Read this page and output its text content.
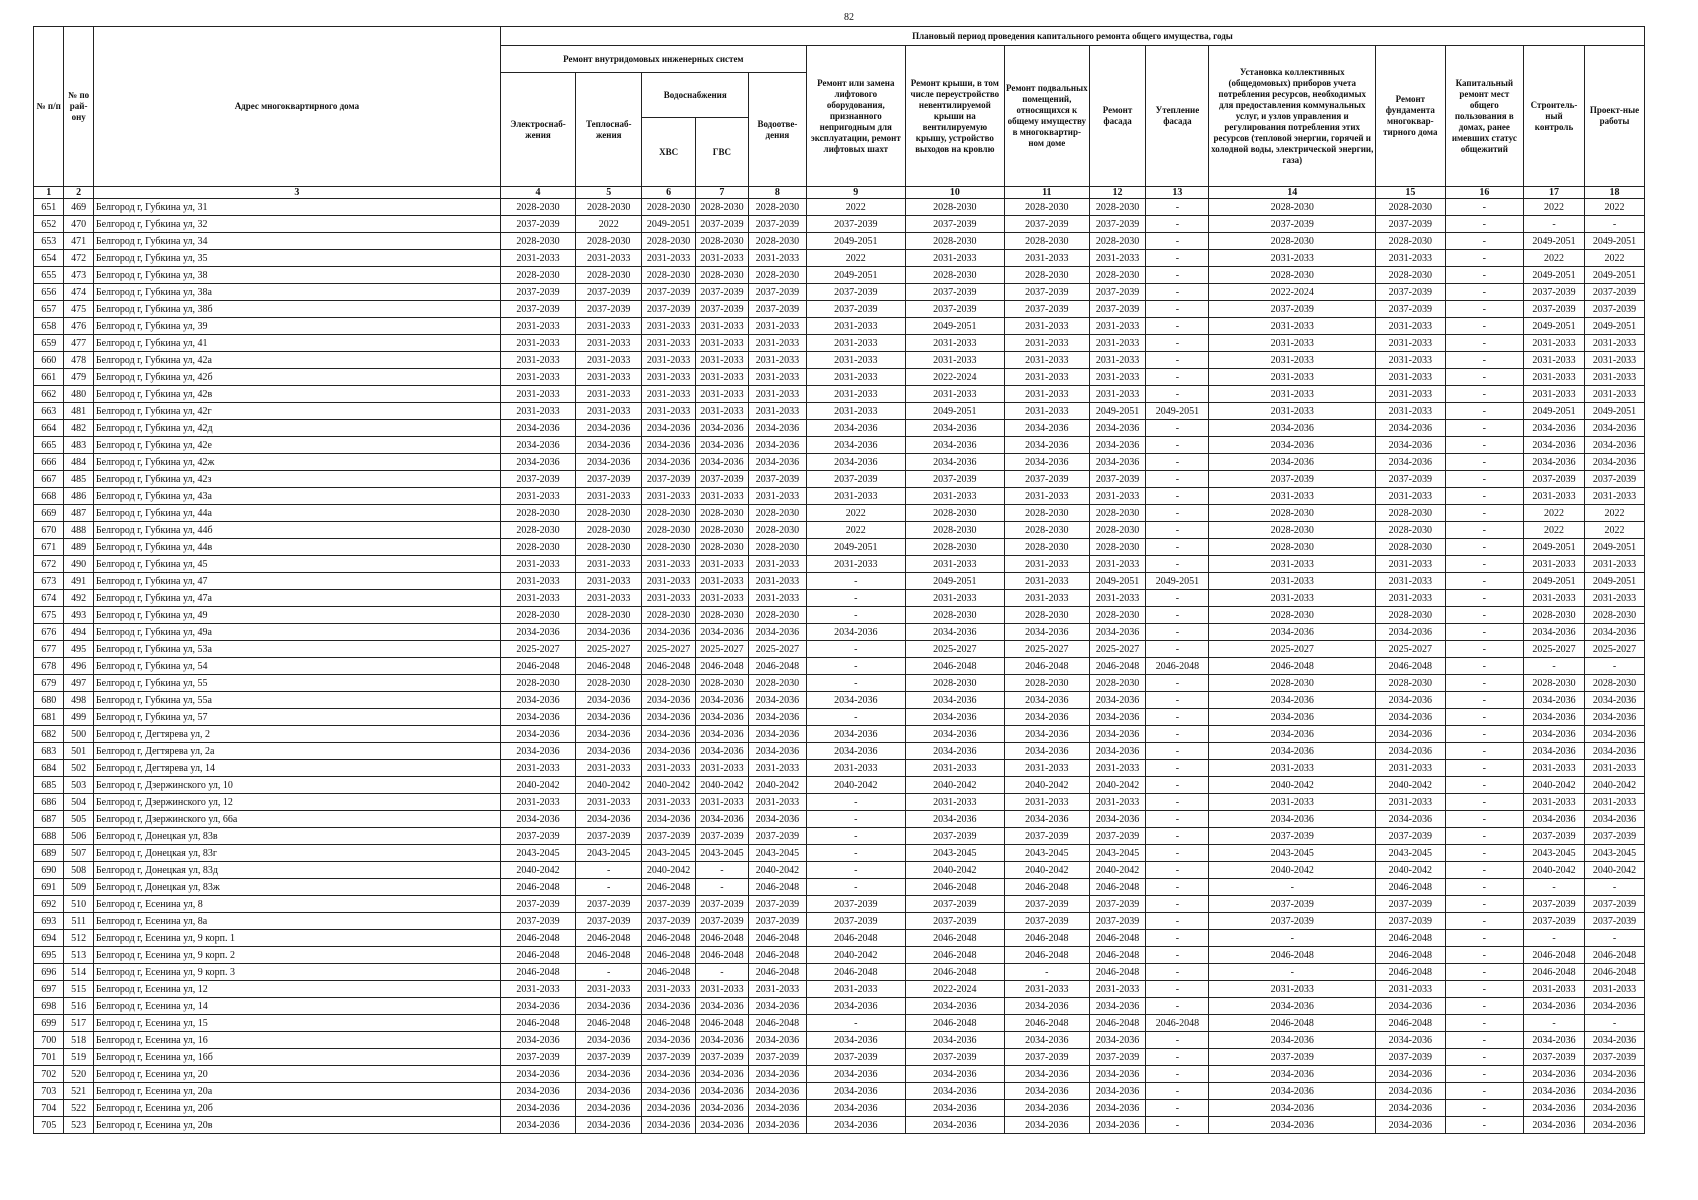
82
№ п/п	№ по рай-ону	Адрес многоквартирного дома	Плановый период проведения капитального ремонта общего имущества, годы														
			Ремонт внутридомовых инженерных систем					Ремонт или замена лифтового оборудования, признанного непригодным для эксплуатации, ремонт лифтовых шахт	Ремонт крыши, в том числе переустройство невентилируемой крыши на вентилируемую крышу, устройство выходов на кровлю	Ремонт подвальных помещений, относящихся к общему имуществу в многоквартир-ном доме	Ремонт фасада	Утепление фасада	Установка коллективных (общедомовых) приборов учета потребления ресурсов, необходимых для предоставления коммунальных услуг, и узлов управления и регулирования потребления этих ресурсов (тепловой энергии, горячей и холодной воды, электрической энергии, газа)	Ремонт фундамента многоквар-тирного дома	Капитальный ремонт мест общего пользования в домах, ранее имевших статус общежитий	Строитель-ный контроль	Проект-ные работы
			Электроснаб-жения	Теплоснаб-жения	Водоснабжения		Водоотве-дения										
					ХВС	ГВС											
1	2	3	4	5	6	7	8	9	10	11	12	13	14	15	16	17	18
651	469	Белгород г, Губкина ул, 31	2028-2030	2028-2030	2028-2030	2028-2030	2028-2030	2022	2028-2030	2028-2030	2028-2030	-	2028-2030	2028-2030	-	2022	2022
652	470	Белгород г, Губкина ул, 32	2037-2039	2022	2049-2051	2037-2039	2037-2039	2037-2039	2037-2039	2037-2039	2037-2039	-	2037-2039	2037-2039	-	-	-
653	471	Белгород г, Губкина ул, 34	2028-2030	2028-2030	2028-2030	2028-2030	2028-2030	2049-2051	2028-2030	2028-2030	2028-2030	-	2028-2030	2028-2030	-	2049-2051	2049-2051
654	472	Белгород г, Губкина ул, 35	2031-2033	2031-2033	2031-2033	2031-2033	2031-2033	2022	2031-2033	2031-2033	2031-2033	-	2031-2033	2031-2033	-	2022	2022
655	473	Белгород г, Губкина ул, 38	2028-2030	2028-2030	2028-2030	2028-2030	2028-2030	2049-2051	2028-2030	2028-2030	2028-2030	-	2028-2030	2028-2030	-	2049-2051	2049-2051
656	474	Белгород г, Губкина ул, 38а	2037-2039	2037-2039	2037-2039	2037-2039	2037-2039	2037-2039	2037-2039	2037-2039	2037-2039	-	2022-2024	2037-2039	-	2037-2039	2037-2039
657	475	Белгород г, Губкина ул, 38б	2037-2039	2037-2039	2037-2039	2037-2039	2037-2039	2037-2039	2037-2039	2037-2039	2037-2039	-	2037-2039	2037-2039	-	2037-2039	2037-2039
658	476	Белгород г, Губкина ул, 39	2031-2033	2031-2033	2031-2033	2031-2033	2031-2033	2031-2033	2049-2051	2031-2033	2031-2033	-	2031-2033	2031-2033	-	2049-2051	2049-2051
659	477	Белгород г, Губкина ул, 41	2031-2033	2031-2033	2031-2033	2031-2033	2031-2033	2031-2033	2031-2033	2031-2033	2031-2033	-	2031-2033	2031-2033	-	2031-2033	2031-2033
660	478	Белгород г, Губкина ул, 42а	2031-2033	2031-2033	2031-2033	2031-2033	2031-2033	2031-2033	2031-2033	2031-2033	2031-2033	-	2031-2033	2031-2033	-	2031-2033	2031-2033
661	479	Белгород г, Губкина ул, 42б	2031-2033	2031-2033	2031-2033	2031-2033	2031-2033	2031-2033	2022-2024	2031-2033	2031-2033	-	2031-2033	2031-2033	-	2031-2033	2031-2033
662	480	Белгород г, Губкина ул, 42в	2031-2033	2031-2033	2031-2033	2031-2033	2031-2033	2031-2033	2031-2033	2031-2033	2031-2033	-	2031-2033	2031-2033	-	2031-2033	2031-2033
663	481	Белгород г, Губкина ул, 42г	2031-2033	2031-2033	2031-2033	2031-2033	2031-2033	2031-2033	2049-2051	2031-2033	2049-2051	2049-2051	2031-2033	2031-2033	-	2049-2051	2049-2051
664	482	Белгород г, Губкина ул, 42д	2034-2036	2034-2036	2034-2036	2034-2036	2034-2036	2034-2036	2034-2036	2034-2036	2034-2036	-	2034-2036	2034-2036	-	2034-2036	2034-2036
665	483	Белгород г, Губкина ул, 42е	2034-2036	2034-2036	2034-2036	2034-2036	2034-2036	2034-2036	2034-2036	2034-2036	2034-2036	-	2034-2036	2034-2036	-	2034-2036	2034-2036
666	484	Белгород г, Губкина ул, 42ж	2034-2036	2034-2036	2034-2036	2034-2036	2034-2036	2034-2036	2034-2036	2034-2036	2034-2036	-	2034-2036	2034-2036	-	2034-2036	2034-2036
667	485	Белгород г, Губкина ул, 42з	2037-2039	2037-2039	2037-2039	2037-2039	2037-2039	2037-2039	2037-2039	2037-2039	2037-2039	-	2037-2039	2037-2039	-	2037-2039	2037-2039
668	486	Белгород г, Губкина ул, 43а	2031-2033	2031-2033	2031-2033	2031-2033	2031-2033	2031-2033	2031-2033	2031-2033	2031-2033	-	2031-2033	2031-2033	-	2031-2033	2031-2033
669	487	Белгород г, Губкина ул, 44а	2028-2030	2028-2030	2028-2030	2028-2030	2028-2030	2022	2028-2030	2028-2030	2028-2030	-	2028-2030	2028-2030	-	2022	2022
670	488	Белгород г, Губкина ул, 44б	2028-2030	2028-2030	2028-2030	2028-2030	2028-2030	2022	2028-2030	2028-2030	2028-2030	-	2028-2030	2028-2030	-	2022	2022
671	489	Белгород г, Губкина ул, 44в	2028-2030	2028-2030	2028-2030	2028-2030	2028-2030	2049-2051	2028-2030	2028-2030	2028-2030	-	2028-2030	2028-2030	-	2049-2051	2049-2051
672	490	Белгород г, Губкина ул, 45	2031-2033	2031-2033	2031-2033	2031-2033	2031-2033	2031-2033	2031-2033	2031-2033	2031-2033	-	2031-2033	2031-2033	-	2031-2033	2031-2033
673	491	Белгород г, Губкина ул, 47	2031-2033	2031-2033	2031-2033	2031-2033	2031-2033	-	2049-2051	2031-2033	2049-2051	2049-2051	2031-2033	2031-2033	-	2049-2051	2049-2051
674	492	Белгород г, Губкина ул, 47а	2031-2033	2031-2033	2031-2033	2031-2033	2031-2033	-	2031-2033	2031-2033	2031-2033	-	2031-2033	2031-2033	-	2031-2033	2031-2033
675	493	Белгород г, Губкина ул, 49	2028-2030	2028-2030	2028-2030	2028-2030	2028-2030	-	2028-2030	2028-2030	2028-2030	-	2028-2030	2028-2030	-	2028-2030	2028-2030
676	494	Белгород г, Губкина ул, 49а	2034-2036	2034-2036	2034-2036	2034-2036	2034-2036	2034-2036	2034-2036	2034-2036	2034-2036	-	2034-2036	2034-2036	-	2034-2036	2034-2036
677	495	Белгород г, Губкина ул, 53а	2025-2027	2025-2027	2025-2027	2025-2027	2025-2027	-	2025-2027	2025-2027	2025-2027	-	2025-2027	2025-2027	-	2025-2027	2025-2027
678	496	Белгород г, Губкина ул, 54	2046-2048	2046-2048	2046-2048	2046-2048	2046-2048	-	2046-2048	2046-2048	2046-2048	2046-2048	2046-2048	2046-2048	-	-	-
679	497	Белгород г, Губкина ул, 55	2028-2030	2028-2030	2028-2030	2028-2030	2028-2030	-	2028-2030	2028-2030	2028-2030	-	2028-2030	2028-2030	-	2028-2030	2028-2030
680	498	Белгород г, Губкина ул, 55а	2034-2036	2034-2036	2034-2036	2034-2036	2034-2036	2034-2036	2034-2036	2034-2036	2034-2036	-	2034-2036	2034-2036	-	2034-2036	2034-2036
681	499	Белгород г, Губкина ул, 57	2034-2036	2034-2036	2034-2036	2034-2036	2034-2036	-	2034-2036	2034-2036	2034-2036	-	2034-2036	2034-2036	-	2034-2036	2034-2036
682	500	Белгород г, Дегтярева ул, 2	2034-2036	2034-2036	2034-2036	2034-2036	2034-2036	2034-2036	2034-2036	2034-2036	2034-2036	-	2034-2036	2034-2036	-	2034-2036	2034-2036
683	501	Белгород г, Дегтярева ул, 2а	2034-2036	2034-2036	2034-2036	2034-2036	2034-2036	2034-2036	2034-2036	2034-2036	2034-2036	-	2034-2036	2034-2036	-	2034-2036	2034-2036
684	502	Белгород г, Дегтярева ул, 14	2031-2033	2031-2033	2031-2033	2031-2033	2031-2033	2031-2033	2031-2033	2031-2033	2031-2033	-	2031-2033	2031-2033	-	2031-2033	2031-2033
685	503	Белгород г, Дзержинского ул, 10	2040-2042	2040-2042	2040-2042	2040-2042	2040-2042	2040-2042	2040-2042	2040-2042	2040-2042	-	2040-2042	2040-2042	-	2040-2042	2040-2042
686	504	Белгород г, Дзержинского ул, 12	2031-2033	2031-2033	2031-2033	2031-2033	2031-2033	-	2031-2033	2031-2033	2031-2033	-	2031-2033	2031-2033	-	2031-2033	2031-2033
687	505	Белгород г, Дзержинского ул, 66а	2034-2036	2034-2036	2034-2036	2034-2036	2034-2036	-	2034-2036	2034-2036	2034-2036	-	2034-2036	2034-2036	-	2034-2036	2034-2036
688	506	Белгород г, Донецкая ул, 83в	2037-2039	2037-2039	2037-2039	2037-2039	2037-2039	-	2037-2039	2037-2039	2037-2039	-	2037-2039	2037-2039	-	2037-2039	2037-2039
689	507	Белгород г, Донецкая ул, 83г	2043-2045	2043-2045	2043-2045	2043-2045	2043-2045	-	2043-2045	2043-2045	2043-2045	-	2043-2045	2043-2045	-	2043-2045	2043-2045
690	508	Белгород г, Донецкая ул, 83д	2040-2042	-	2040-2042	-	2040-2042	-	2040-2042	2040-2042	2040-2042	-	2040-2042	2040-2042	-	2040-2042	2040-2042
691	509	Белгород г, Донецкая ул, 83ж	2046-2048	-	2046-2048	-	2046-2048	-	2046-2048	2046-2048	2046-2048	-	-	2046-2048	-	-	-
692	510	Белгород г, Есенина ул, 8	2037-2039	2037-2039	2037-2039	2037-2039	2037-2039	2037-2039	2037-2039	2037-2039	2037-2039	-	2037-2039	2037-2039	-	2037-2039	2037-2039
693	511	Белгород г, Есенина ул, 8а	2037-2039	2037-2039	2037-2039	2037-2039	2037-2039	2037-2039	2037-2039	2037-2039	2037-2039	-	2037-2039	2037-2039	-	2037-2039	2037-2039
694	512	Белгород г, Есенина ул, 9 корп. 1	2046-2048	2046-2048	2046-2048	2046-2048	2046-2048	2046-2048	2046-2048	2046-2048	2046-2048	-	-	2046-2048	-	-	-
695	513	Белгород г, Есенина ул, 9 корп. 2	2046-2048	2046-2048	2046-2048	2046-2048	2046-2048	2040-2042	2046-2048	2046-2048	2046-2048	-	2046-2048	2046-2048	-	2046-2048	2046-2048
696	514	Белгород г, Есенина ул, 9 корп. 3	2046-2048	-	2046-2048	-	2046-2048	2046-2048	2046-2048	-	2046-2048	-	-	2046-2048	-	2046-2048	2046-2048
697	515	Белгород г, Есенина ул, 12	2031-2033	2031-2033	2031-2033	2031-2033	2031-2033	2031-2033	2022-2024	2031-2033	2031-2033	-	2031-2033	2031-2033	-	2031-2033	2031-2033
698	516	Белгород г, Есенина ул, 14	2034-2036	2034-2036	2034-2036	2034-2036	2034-2036	2034-2036	2034-2036	2034-2036	2034-2036	-	2034-2036	2034-2036	-	2034-2036	2034-2036
699	517	Белгород г, Есенина ул, 15	2046-2048	2046-2048	2046-2048	2046-2048	2046-2048	-	2046-2048	2046-2048	2046-2048	2046-2048	2046-2048	2046-2048	-	-	-
700	518	Белгород г, Есенина ул, 16	2034-2036	2034-2036	2034-2036	2034-2036	2034-2036	2034-2036	2034-2036	2034-2036	2034-2036	-	2034-2036	2034-2036	-	2034-2036	2034-2036
701	519	Белгород г, Есенина ул, 16б	2037-2039	2037-2039	2037-2039	2037-2039	2037-2039	2037-2039	2037-2039	2037-2039	2037-2039	-	2037-2039	2037-2039	-	2037-2039	2037-2039
702	520	Белгород г, Есенина ул, 20	2034-2036	2034-2036	2034-2036	2034-2036	2034-2036	2034-2036	2034-2036	2034-2036	2034-2036	-	2034-2036	2034-2036	-	2034-2036	2034-2036
703	521	Белгород г, Есенина ул, 20а	2034-2036	2034-2036	2034-2036	2034-2036	2034-2036	2034-2036	2034-2036	2034-2036	2034-2036	-	2034-2036	2034-2036	-	2034-2036	2034-2036
704	522	Белгород г, Есенина ул, 20б	2034-2036	2034-2036	2034-2036	2034-2036	2034-2036	2034-2036	2034-2036	2034-2036	2034-2036	-	2034-2036	2034-2036	-	2034-2036	2034-2036
705	523	Белгород г, Есенина ул, 20в	2034-2036	2034-2036	2034-2036	2034-2036	2034-2036	2034-2036	2034-2036	2034-2036	2034-2036	-	2034-2036	2034-2036	-	2034-2036	2034-2036
